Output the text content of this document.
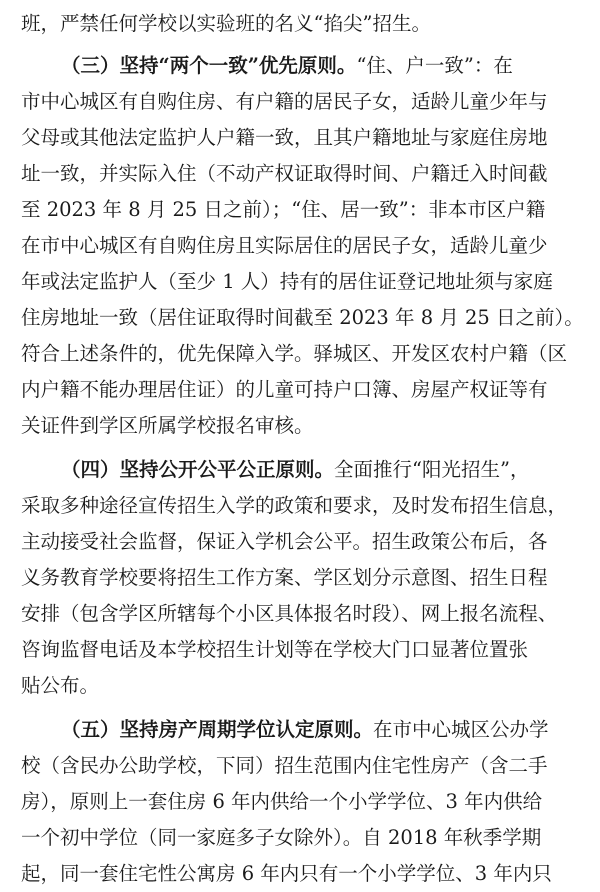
班，严禁任何学校以实验班的名义“掐尖”招生。

（三）坚持“两个一致”优先原则。“住、户一致”：在

市中心城区有自购住房、有户籍的居民子女，适龄儿童少年与

父母或其他法定监护人户籍一致，且其户籍地址与家庭住房地

址一致，并实际入住（不动产权证取得时间、户籍迁入时间截

至 2023 年 8 月 25 日之前）；“住、居一致”：非本市区户籍

在市中心城区有自购住房且实际居住的居民子女，适龄儿童少

年或法定监护人（至少 1 人）持有的居住证登记地址须与家庭

住房地址一致（居住证取得时间截至 2023 年 8 月 25 日之前）。

符合上述条件的，优先保障入学。驿城区、开发区农村户籍（区

内户籍不能办理居住证）的儿童可持户口簿、房屋产权证等有

关证件到学区所属学校报名审核。

（四）坚持公开公平公正原则。全面推行“阳光招生”，

采取多种途径宣传招生入学的政策和要求，及时发布招生信息，

主动接受社会监督，保证入学机会公平。招生政策公布后，各

义务教育学校要将招生工作方案、学区划分示意图、招生日程

安排（包含学区所辖每个小区具体报名时段）、网上报名流程、

咨询监督电话及本学校招生计划等在学校大门口显著位置张

贴公布。

（五）坚持房产周期学位认定原则。在市中心城区公办学

校（含民办公助学校，下同）招生范围内住宅性房产（含二手

房），原则上一套住房 6 年内供给一个小学学位、3 年内供给

一个初中学位（同一家庭多子女除外）。自 2018 年秋季学期

起，同一套住宅性公寓房 6 年内只有一个小学学位、3 年内只
